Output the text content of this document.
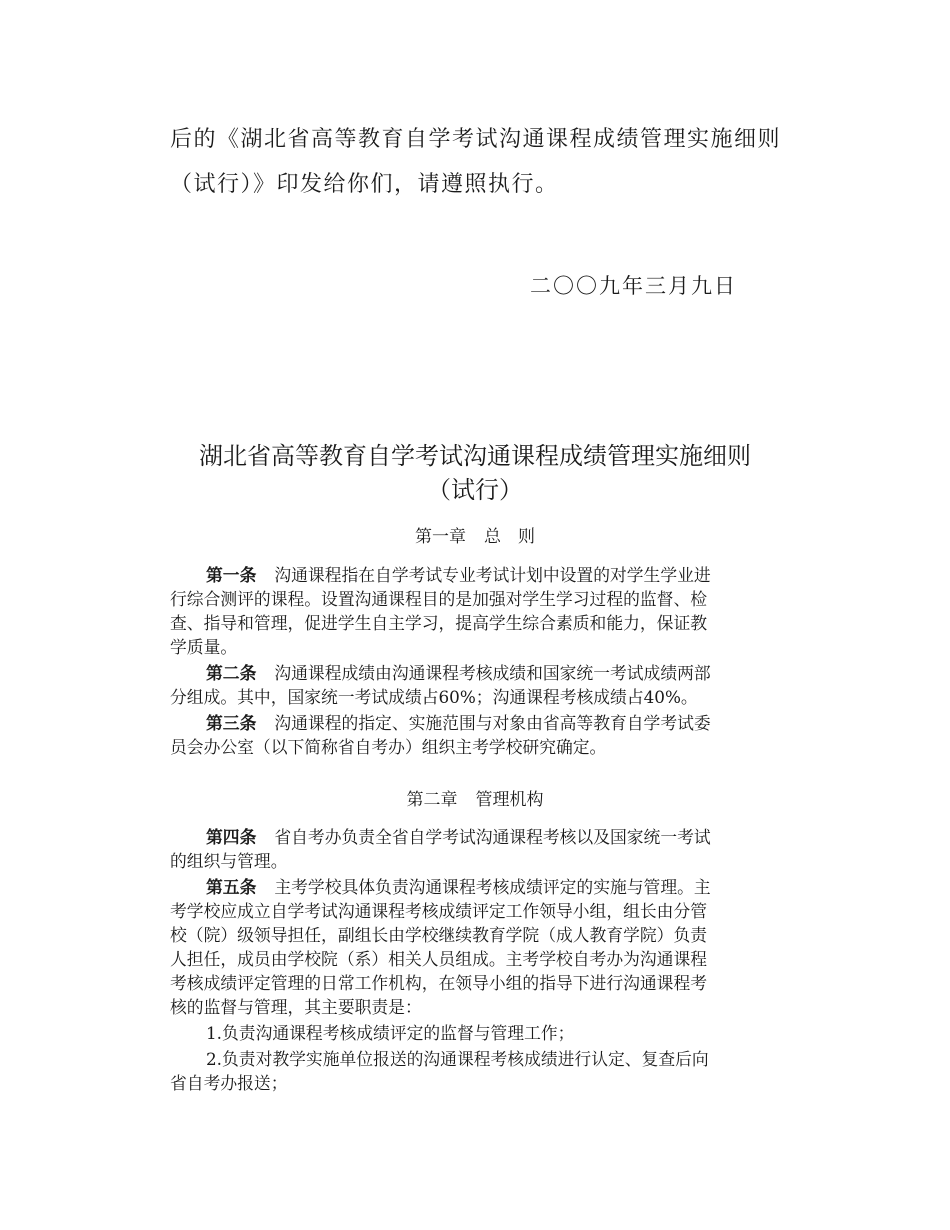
后的《湖北省高等教育自学考试沟通课程成绩管理实施细则
（试行）》印发给你们，请遵照执行。
二〇〇九年三月九日
湖北省高等教育自学考试沟通课程成绩管理实施细则
（试行）
第一章 总　则
第一条 沟通课程指在自学考试专业考试计划中设置的对学生学业进
行综合测评的课程。设置沟通课程目的是加强对学生学习过程的监督、检
查、指导和管理，促进学生自主学习，提高学生综合素质和能力，保证教
学质量。
第二条 沟通课程成绩由沟通课程考核成绩和国家统一考试成绩两部
分组成。其中，国家统一考试成绩占60%；沟通课程考核成绩占40%。
第三条 沟通课程的指定、实施范围与对象由省高等教育自学考试委
员会办公室（以下简称省自考办）组织主考学校研究确定。
第二章 管理机构
第四条 省自考办负责全省自学考试沟通课程考核以及国家统一考试
的组织与管理。
第五条 主考学校具体负责沟通课程考核成绩评定的实施与管理。主
考学校应成立自学考试沟通课程考核成绩评定工作领导小组，组长由分管
校（院）级领导担任，副组长由学校继续教育学院（成人教育学院）负责
人担任，成员由学校院（系）相关人员组成。主考学校自考办为沟通课程
考核成绩评定管理的日常工作机构，在领导小组的指导下进行沟通课程考
核的监督与管理，其主要职责是：
1.负责沟通课程考核成绩评定的监督与管理工作；
2.负责对教学实施单位报送的沟通课程考核成绩进行认定、复查后向
省自考办报送；
